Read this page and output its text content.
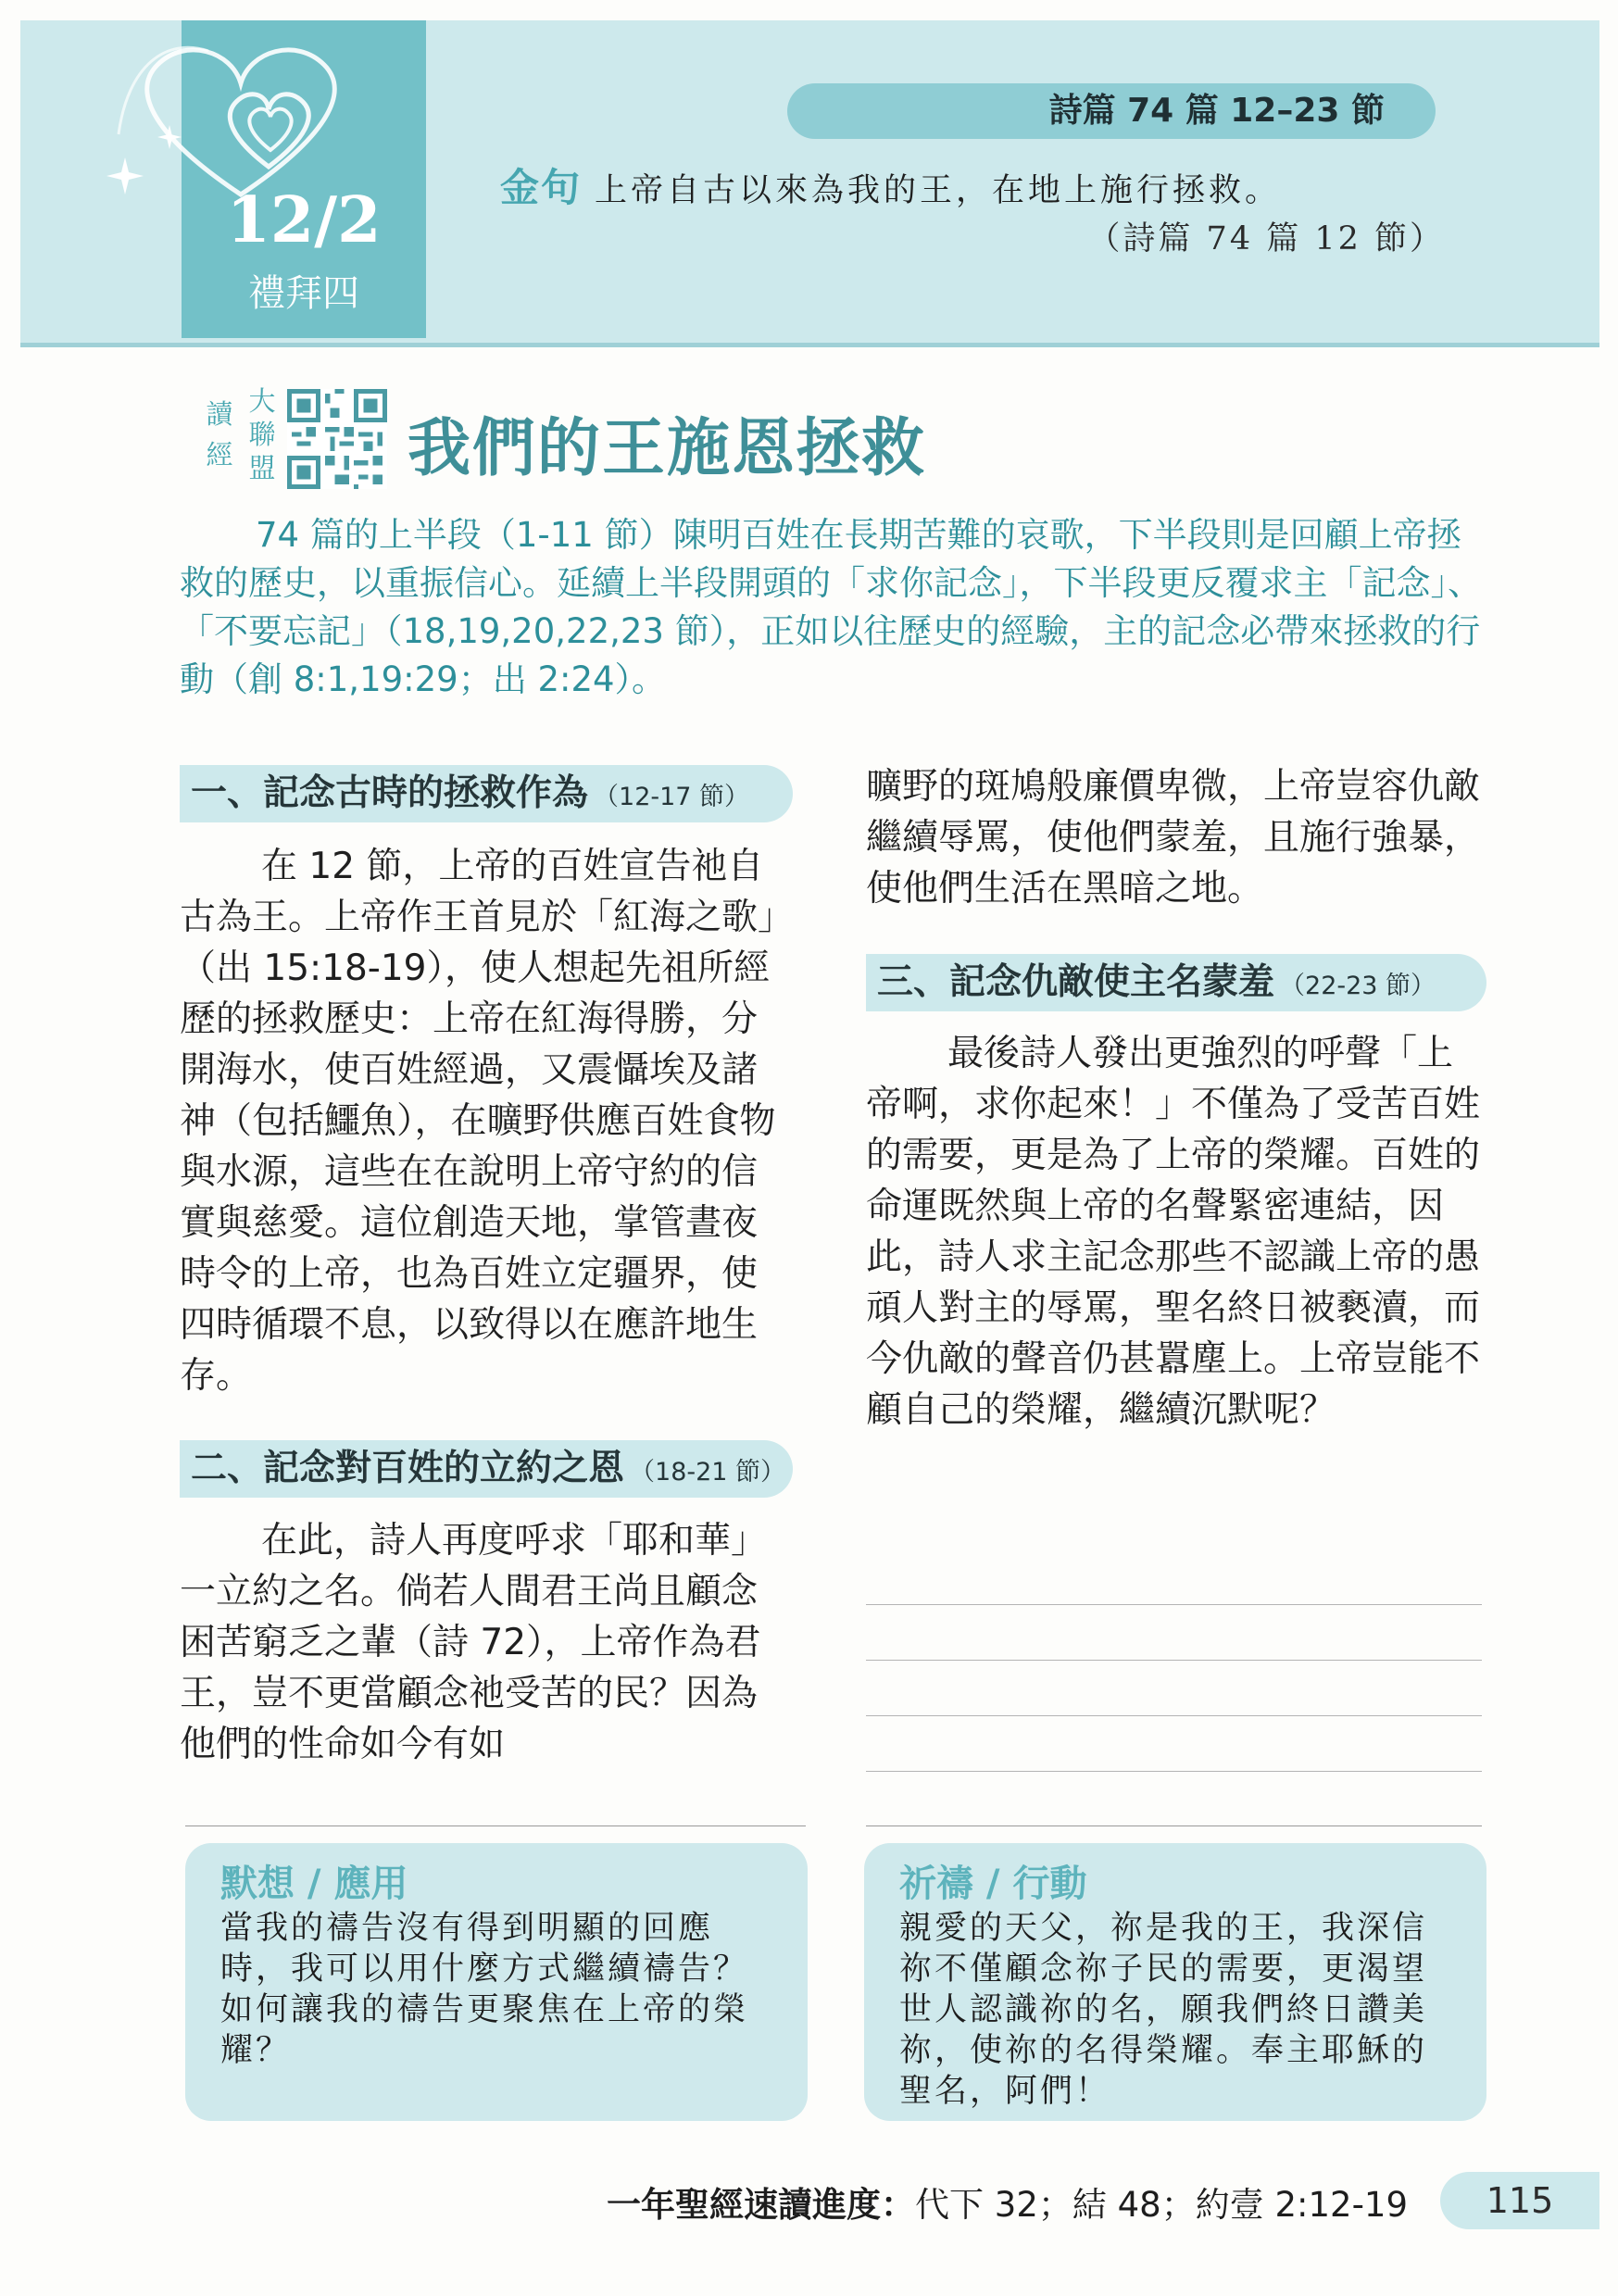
12/2
禮拜四
詩篇 74 篇 12–23 節
金句 上帝自古以來為我的王，在地上施行拯救。
（詩篇 74 篇 12 節）
讀
經
大
聯
盟 我們的王施恩拯救

74 篇的上半段（1-11 節）陳明百姓在長期苦難的哀歌，下半段則是回顧上帝拯救的歷史，以重振信心。延續上半段開頭的「求你記念」，下半段更反覆求主「記念」、「不要忘記」（18,19,20,22,23 節），正如以往歷史的經驗，主的記念必帶來拯救的行動（創 8:1,19:29；出 2:24）。

一、記念古時的拯救作為 （12-17 節）

在 12 節，上帝的百姓宣告祂自古為王。上帝作王首見於「紅海之歌」（出 15:18-19），使人想起先祖所經歷的拯救歷史：上帝在紅海得勝，分開海水，使百姓經過，又震懾埃及諸神（包括鱷魚），在曠野供應百姓食物與水源，這些在在說明上帝守約的信實與慈愛。這位創造天地，掌管晝夜時令的上帝，也為百姓立定疆界，使四時循環不息，以致得以在應許地生存。

二、記念對百姓的立約之恩 （18-21 節）

在此，詩人再度呼求「耶和華」一立約之名。倘若人間君王尚且顧念困苦窮乏之輩（詩 72），上帝作為君王，豈不更當顧念祂受苦的民？因為他們的性命如今有如

曠野的斑鳩般廉價卑微，上帝豈容仇敵繼續辱罵，使他們蒙羞，且施行強暴，使他們生活在黑暗之地。

三、記念仇敵使主名蒙羞 （22-23 節）

最後詩人發出更強烈的呼聲「上帝啊，求你起來！」不僅為了受苦百姓的需要，更是為了上帝的榮耀。百姓的命運既然與上帝的名聲緊密連結，因此，詩人求主記念那些不認識上帝的愚頑人對主的辱罵，聖名終日被褻瀆，而今仇敵的聲音仍甚囂塵上。上帝豈能不顧自己的榮耀，繼續沉默呢？

默想 / 應用

當我的禱告沒有得到明顯的回應時，我可以用什麼方式繼續禱告？如何讓我的禱告更聚焦在上帝的榮耀？

祈禱 / 行動

親愛的天父，祢是我的王，我深信祢不僅顧念祢子民的需要，更渴望世人認識祢的名，願我們終日讚美祢，使祢的名得榮耀。奉主耶穌的聖名，阿們！

一年聖經速讀進度：代下 32；結 48；約壹 2:12-19	115
